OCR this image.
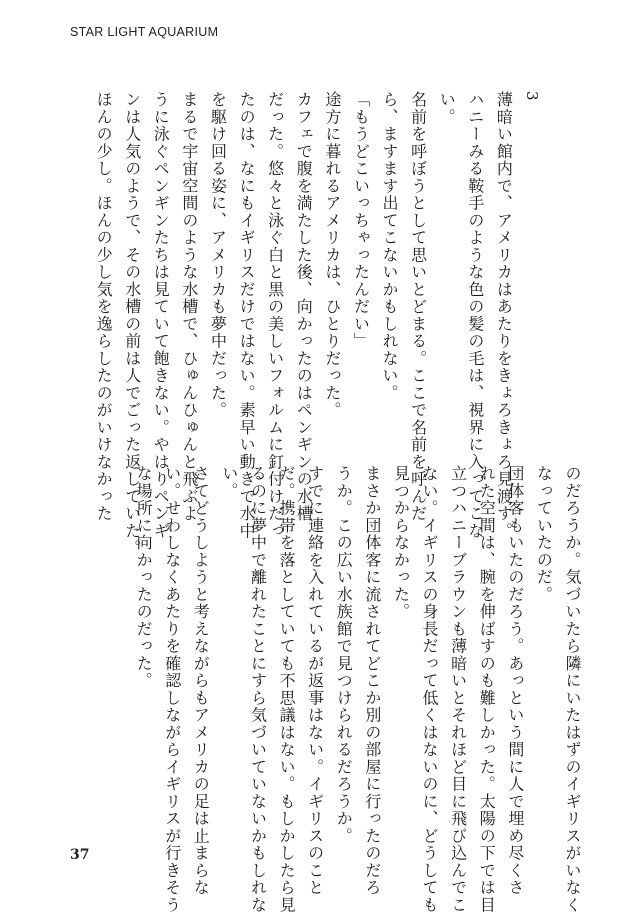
STAR LIGHT AQUARIUM
3
薄暗い館内で、アメリカはあたりをきょろきょろ見渡す。
ハニーみる鞍手のような色の髪の毛は、視界に入ってこな
い。
名前を呼ぼうとして思いとどまる。ここで名前を呼んだ
ら、ますます出てこないかもしれない。
「もうどこいっちゃったんだい」
途方に暮れるアメリカは、ひとりだった。
カフェで腹を満たした後、向かったのはペンギンの水槽
だった。悠々と泳ぐ白と黒の美しいフォルムに釘付けだっ
たのは、なにもイギリスだけではない。素早い動きで水中
を駆け回る姿に、アメリカも夢中だった。
まるで宇宙空間のような水槽で、ひゅんひゅんと飛ぶよ
うに泳ぐペンギンたちは見ていて飽きない。やはりペンギ
ンは人気のようで、その水槽の前は人でごった返していた。
ほんの少し。ほんの少し気を逸らしたのがいけなかった
のだろうか。気づいたら隣にいたはずのイギリスがいなく
なっていたのだ。
団体客もいたのだろう。あっという間に人で埋め尽くさ
れた空間は、腕を伸ばすのも難しかった。太陽の下では目
立つハニーブラウンも薄暗いとそれほど目に飛び込んでこ
ない。イギリスの身長だって低くはないのに、どうしても
見つからなかった。
まさか団体客に流されてどこか別の部屋に行ったのだろ
うか。この広い水族館で見つけられるだろうか。
すでに連絡を入れているが返事はない。イギリスのこと
だ。携帯を落としていても不思議はない。もしかしたら見
るのに夢中で離れたことにすら気づいていないかもしれな
い。
さてどうしようと考えながらもアメリカの足は止まらな
い。せわしなくあたりを確認しながらイギリスが行きそう
な場所に向かったのだった。
37
